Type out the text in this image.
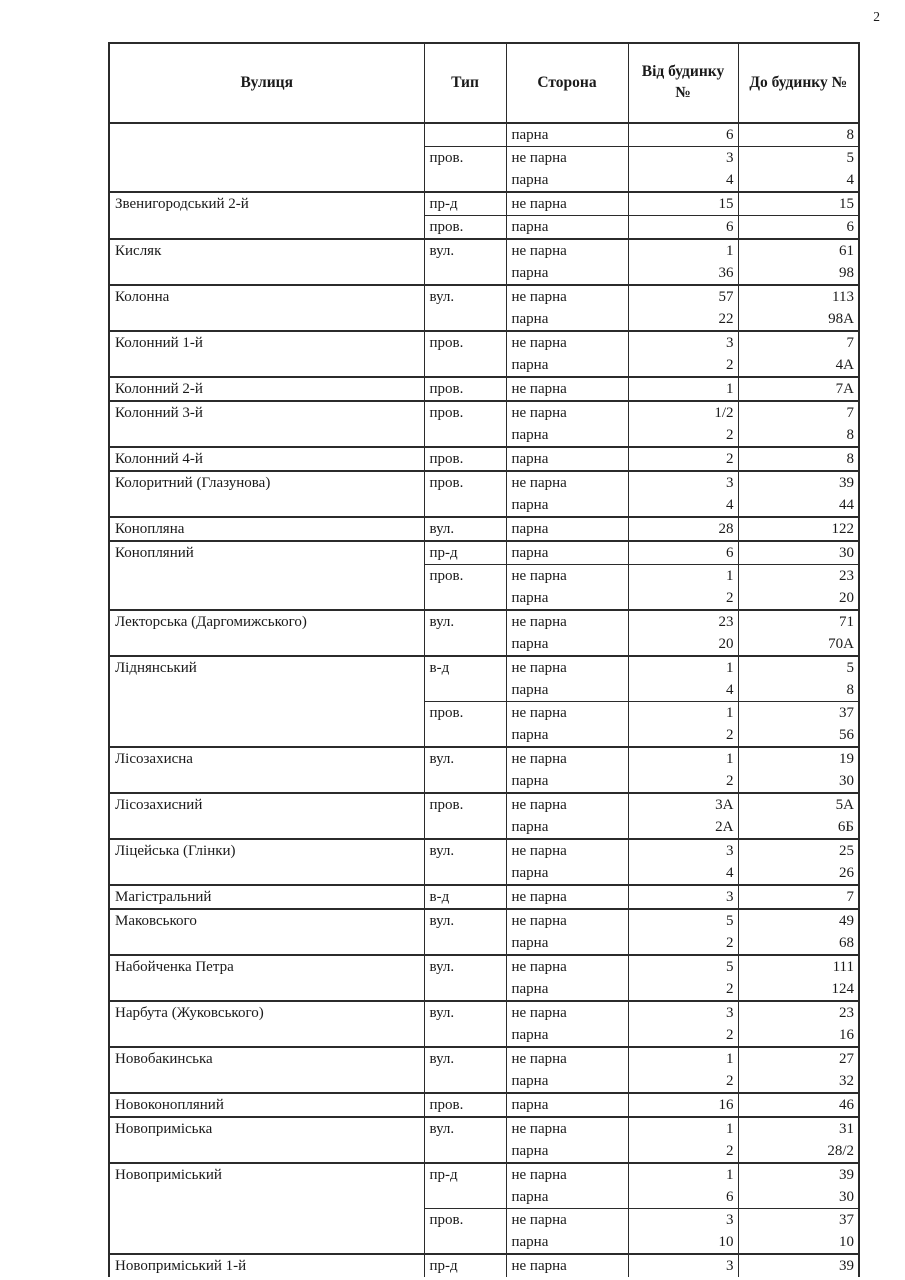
2
Вулиця	Тип	Сторона	Від будинку №	До будинку №
		парна	6	8
	пров.	не парна	3	5
		парна	4	4
Звенигородський 2-й	пр-д	не парна	15	15
	пров.	парна	6	6
Кисляк	вул.	не парна	1	61
		парна	36	98
Колонна	вул.	не парна	57	113
		парна	22	98А
Колонний 1-й	пров.	не парна	3	7
		парна	2	4А
Колонний 2-й	пров.	не парна	1	7А
Колонний 3-й	пров.	не парна	1/2	7
		парна	2	8
Колонний 4-й	пров.	парна	2	8
Колоритний (Глазунова)	пров.	не парна	3	39
		парна	4	44
Конопляна	вул.	парна	28	122
Конопляний	пр-д	парна	6	30
	пров.	не парна	1	23
		парна	2	20
Лекторська (Даргомижського)	вул.	не парна	23	71
		парна	20	70А
Ліднянський	в-д	не парна	1	5
		парна	4	8
	пров.	не парна	1	37
		парна	2	56
Лісозахисна	вул.	не парна	1	19
		парна	2	30
Лісозахисний	пров.	не парна	3А	5А
		парна	2А	6Б
Ліцейська (Глінки)	вул.	не парна	3	25
		парна	4	26
Магістральний	в-д	не парна	3	7
Маковського	вул.	не парна	5	49
		парна	2	68
Набойченка Петра	вул.	не парна	5	111
		парна	2	124
Нарбута (Жуковського)	вул.	не парна	3	23
		парна	2	16
Новобакинська	вул.	не парна	1	27
		парна	2	32
Новоконопляний	пров.	парна	16	46
Новоприміська	вул.	не парна	1	31
		парна	2	28/2
Новоприміський	пр-д	не парна	1	39
		парна	6	30
	пров.	не парна	3	37
		парна	10	10
Новоприміський 1-й	пр-д	не парна	3	39
